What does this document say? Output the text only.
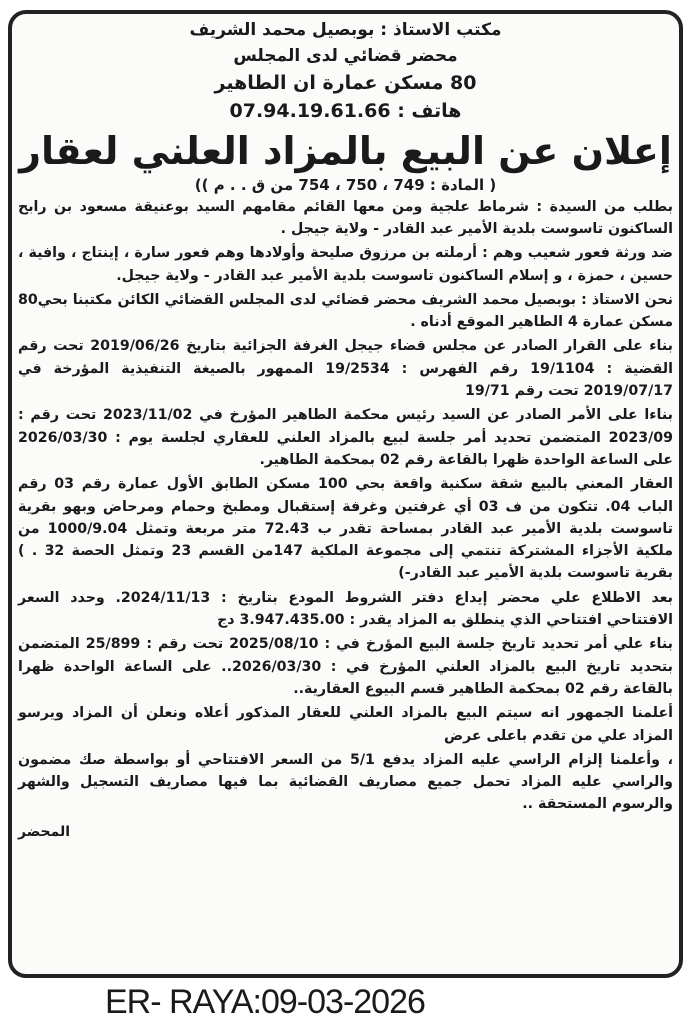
مكتب الاستاذ : بوبصيل محمد الشريف
محضر قضائي لدى المجلس
80 مسكن عمارة ان الطاهير
هاتف : 07.94.19.61.66
إعلان عن البيع بالمزاد العلني لعقار
( المادة : 749 ، 750 ، 754 من ق . . م ))
بطلب من السيدة : شرماط علجية ومن معها القائم مقامهم السيد بوعنيقة مسعود بن رابح الساكنون تاسوست بلدية الأمير عبد القادر - ولاية جيجل .
ضد ورثة فعور شعيب وهم : أرملته بن مرزوق صليحة وأولادها وهم فعور سارة ، إينتاج ، وافية ، حسين ، حمزة ، و إسلام الساكنون تاسوست بلدية الأمير عبد القادر - ولاية جيجل.
نحن الاستاذ : بوبصيل محمد الشريف محضر قضائي لدى المجلس القضائي الكائن مكتبنا بحي80 مسكن عمارة 4 الطاهير الموقع أدناه .
بناء على القرار الصادر عن مجلس قضاء جيجل الغرفة الجزائية بتاريخ 2019/06/26 تحت رقم القضية : 19/1104 رقم الفهرس : 19/2534 الممهور بالصيغة التنفيذية المؤرخة في 2019/07/17 تحت رقم 19/71
بناءا على الأمر الصادر عن السيد رئيس محكمة الطاهير المؤرخ في 2023/11/02 تحت رقم : 2023/09 المتضمن تحديد أمر جلسة لبيع بالمزاد العلني للعقاري لجلسة يوم : 2026/03/30 على الساعة الواحدة ظهرا بالقاعة رقم 02 بمحكمة الطاهير.
العقار المعني بالبيع شقة سكنية واقعة بحي 100 مسكن الطابق الأول عمارة رقم 03 رقم الباب 04. تتكون من ف 03 أي غرفتين وغرفة إستقبال ومطبخ وحمام ومرحاض وبهو بقرية تاسوست بلدية الأمير عبد القادر بمساحة تقدر ب 72.43 متر مربعة وتمثل 1000/9.04 من ملكية الأجزاء المشتركة تنتمي إلى مجموعة الملكية 147من القسم 23 وتمثل الحصة 32 . ) بقرية تاسوست بلدية الأمير عبد القادر-)
بعد الاطلاع علي محضر إيداع دفتر الشروط المودع بتاريخ : 2024/11/13. وحدد السعر الافتتاحي افتتاحي الذي ينطلق به المزاد يقدر : 3.947.435.00 دج
بناء علي أمر تحديد تاريخ جلسة البيع المؤرخ في : 2025/08/10 تحت رقم : 25/899 المتضمن بتحديد تاريخ البيع بالمزاد العلني المؤرخ في : 2026/03/30.. على الساعة الواحدة ظهرا بالقاعة رقم 02 بمحكمة الطاهير قسم البيوع العقارية..
أعلمنا الجمهور انه سيتم البيع بالمزاد العلني للعقار المذكور أعلاه ونعلن أن المزاد ويرسو المزاد علي من تقدم باعلى عرض
، وأعلمنا إلزام الراسي عليه المزاد يدفع 5/1 من السعر الافتتاحي أو بواسطة صك مضمون والراسي عليه المزاد تحمل جميع مصاريف القضائية بما فيها مصاريف التسجيل والشهر والرسوم المستحقة ..
المحضر
ER- RAYA:09-03-2026
